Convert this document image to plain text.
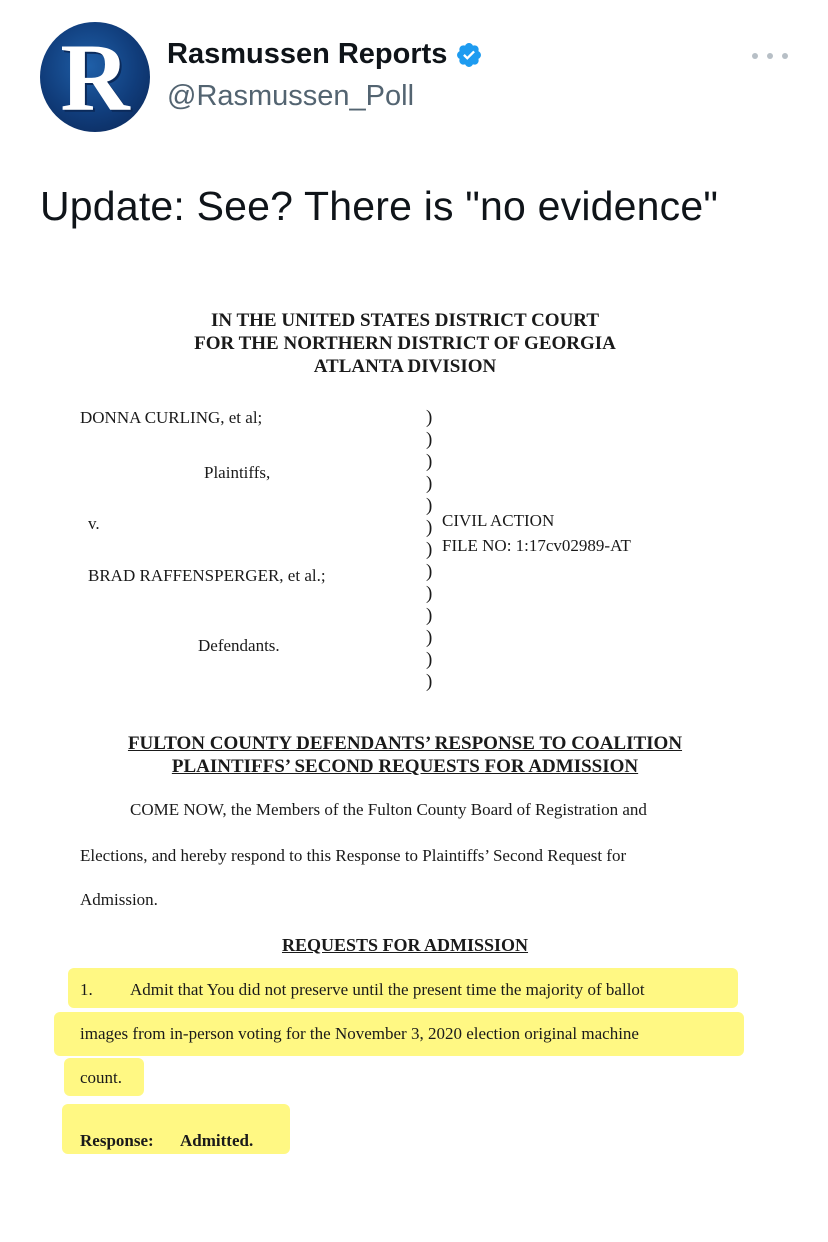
R	Rasmussen Reports
@Rasmussen_Poll
Update: See? There is "no evidence"
IN THE UNITED STATES DISTRICT COURT
FOR THE NORTHERN DISTRICT OF GEORGIA
ATLANTA DIVISION
DONNA CURLING, et al;
Plaintiffs,
v.
BRAD RAFFENSPERGER, et al.;
Defendants.
)
)
)
)
)
)
)
)
)
)
)
)
)
CIVIL ACTION
FILE NO: 1:17cv02989-AT
FULTON COUNTY DEFENDANTS’ RESPONSE TO COALITION
PLAINTIFFS’ SECOND REQUESTS FOR ADMISSION
COME NOW, the Members of the Fulton County Board of Registration and
Elections, and hereby respond to this Response to Plaintiffs’ Second Request for
Admission.
REQUESTS FOR ADMISSION
1. Admit that You did not preserve until the present time the majority of ballot
images from in-person voting for the November 3, 2020 election original machine
count.
Response: Admitted.
